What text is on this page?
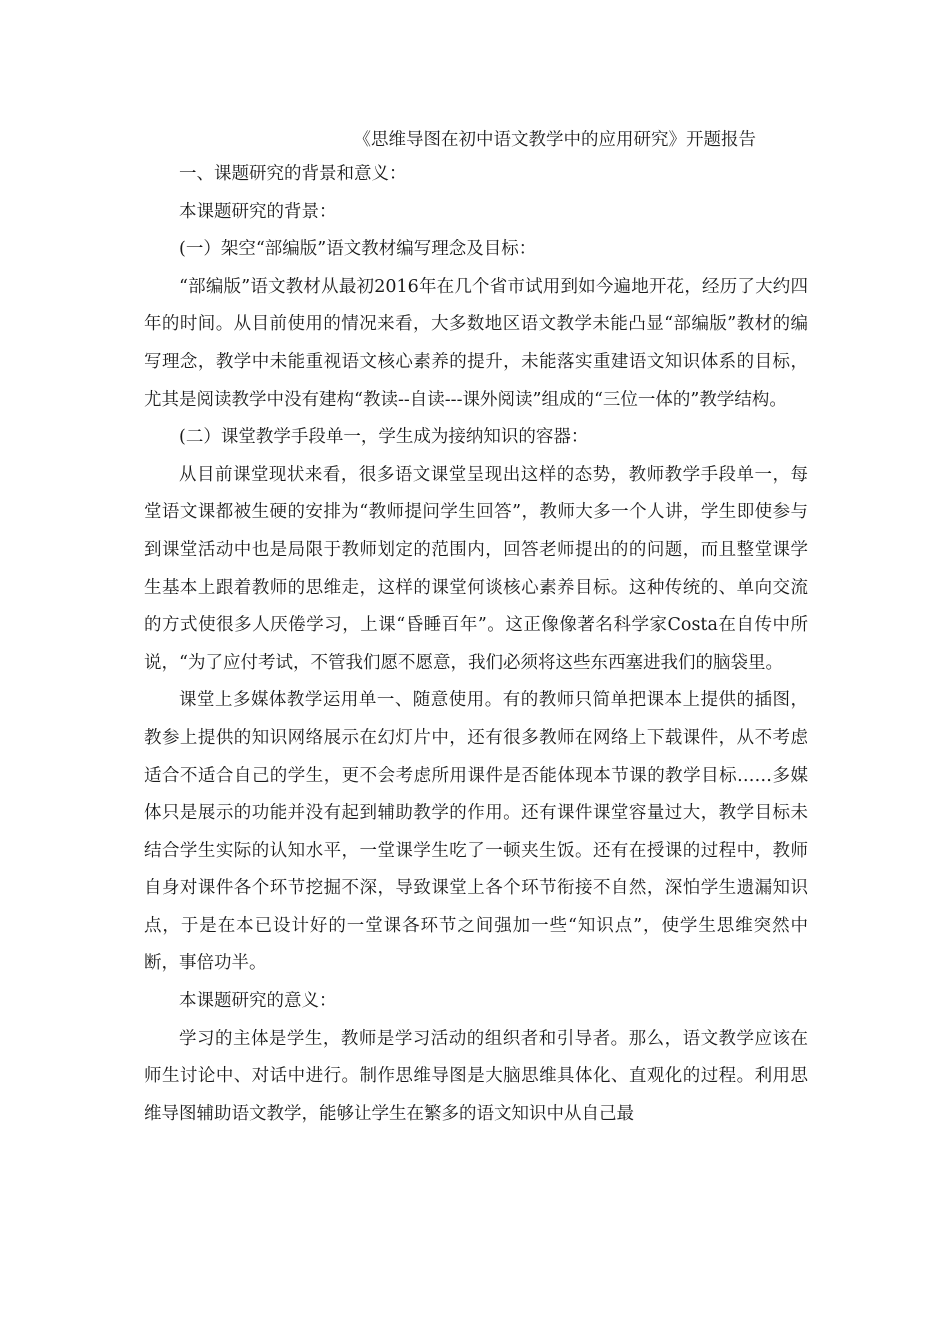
《思维导图在初中语文教学中的应用研究》开题报告

一、课题研究的背景和意义：

本课题研究的背景：

(一）架空“部编版”语文教材编写理念及目标：

“部编版”语文教材从最初2016年在几个省市试用到如今遍地开花，经历了大约四年的时间。从目前使用的情况来看，大多数地区语文教学未能凸显“部编版”教材的编写理念，教学中未能重视语文核心素养的提升，未能落实重建语文知识体系的目标，尤其是阅读教学中没有建构“教读--自读---课外阅读”组成的“三位一体的”教学结构。

(二）课堂教学手段单一，学生成为接纳知识的容器：

从目前课堂现状来看，很多语文课堂呈现出这样的态势，教师教学手段单一，每堂语文课都被生硬的安排为“教师提问学生回答”，教师大多一个人讲，学生即使参与到课堂活动中也是局限于教师划定的范围内，回答老师提出的的问题，而且整堂课学生基本上跟着教师的思维走，这样的课堂何谈核心素养目标。这种传统的、单向交流的方式使很多人厌倦学习，上课“昏睡百年”。这正像像著名科学家Costa在自传中所说，“为了应付考试，不管我们愿不愿意，我们必须将这些东西塞进我们的脑袋里。

课堂上多媒体教学运用单一、随意使用。有的教师只简单把课本上提供的插图，教参上提供的知识网络展示在幻灯片中，还有很多教师在网络上下载课件，从不考虑适合不适合自己的学生，更不会考虑所用课件是否能体现本节课的教学目标……多媒体只是展示的功能并没有起到辅助教学的作用。还有课件课堂容量过大，教学目标未结合学生实际的认知水平，一堂课学生吃了一顿夹生饭。还有在授课的过程中，教师自身对课件各个环节挖掘不深，导致课堂上各个环节衔接不自然，深怕学生遗漏知识点，于是在本已设计好的一堂课各环节之间强加一些“知识点”，使学生思维突然中断，事倍功半。

本课题研究的意义：

学习的主体是学生，教师是学习活动的组织者和引导者。那么，语文教学应该在师生讨论中、对话中进行。制作思维导图是大脑思维具体化、直观化的过程。利用思维导图辅助语文教学，能够让学生在繁多的语文知识中从自己最
